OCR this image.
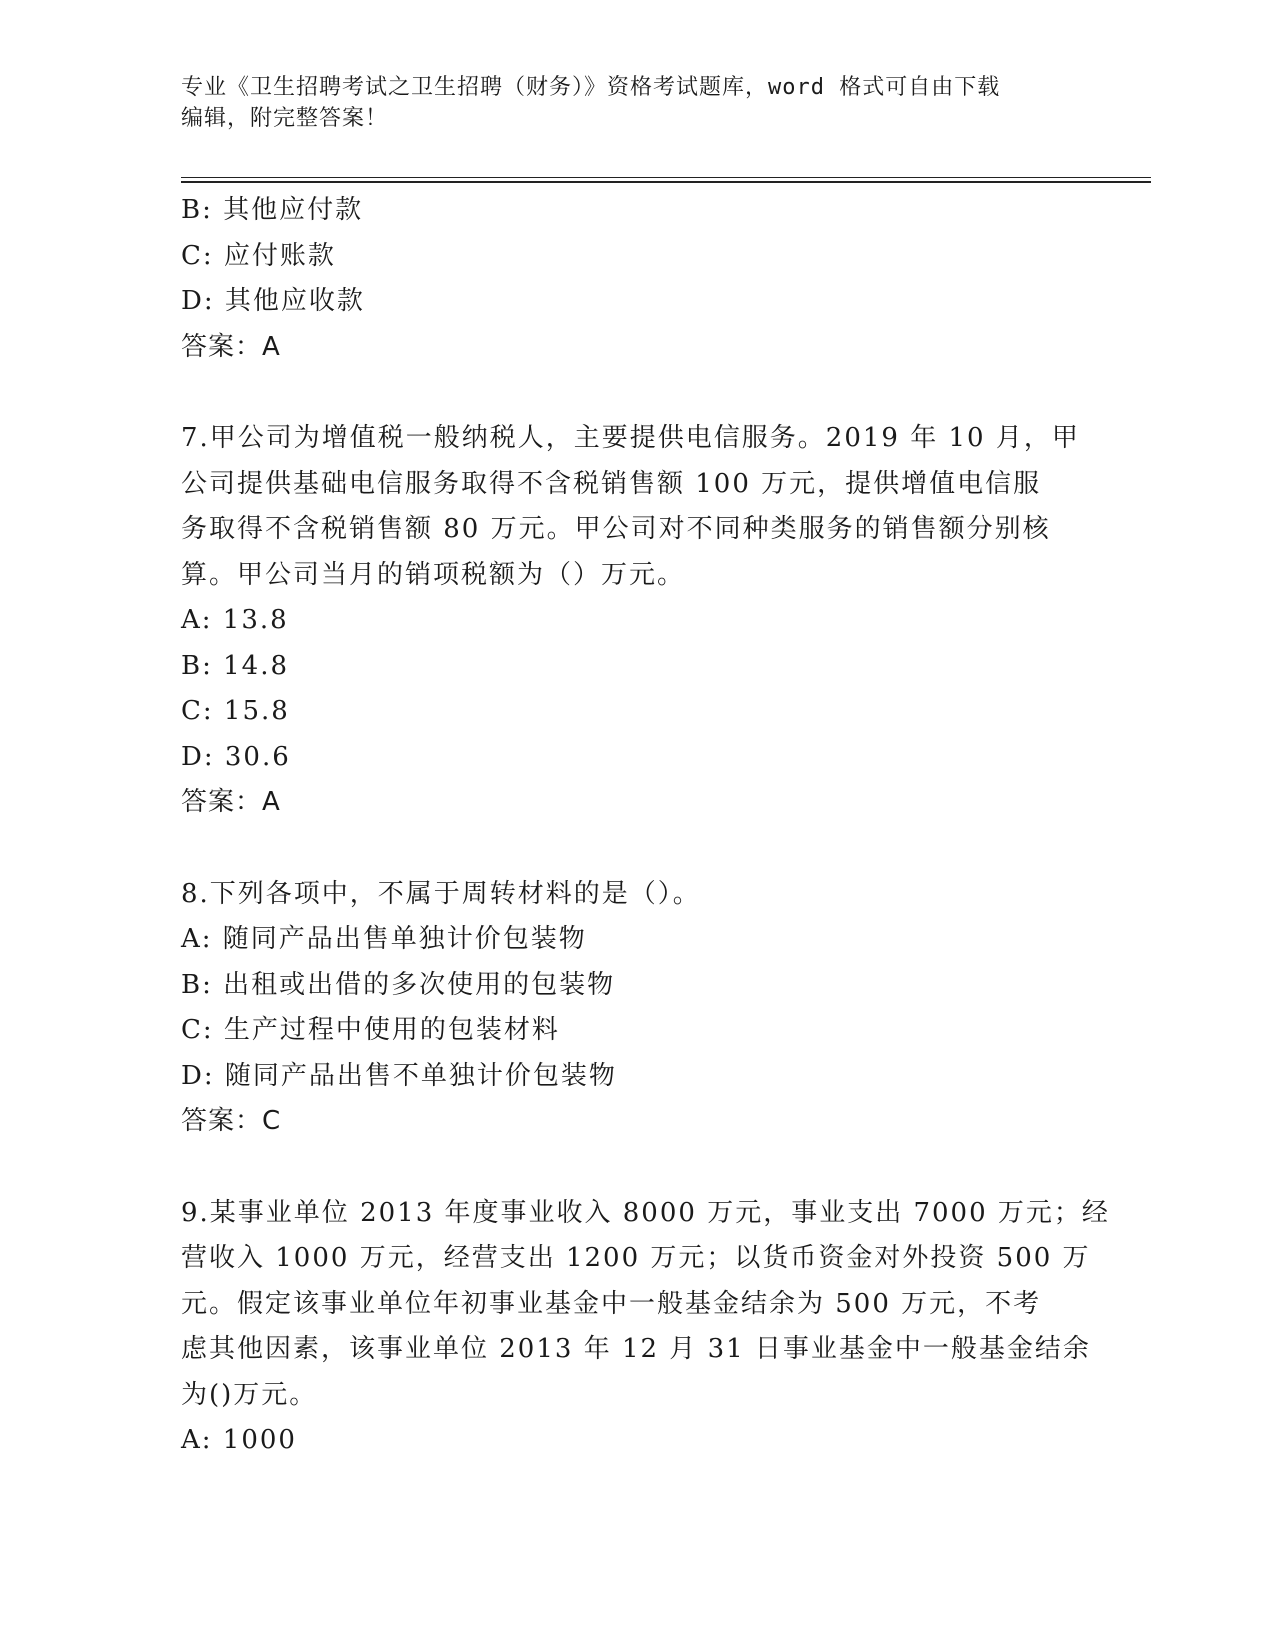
专业《卫生招聘考试之卫生招聘（财务）》资格考试题库，word 格式可自由下载
编辑，附完整答案！
B: 其他应付款
C: 应付账款
D: 其他应收款
答案：A
7.甲公司为增值税一般纳税人，主要提供电信服务。2019 年 10 月，甲
公司提供基础电信服务取得不含税销售额 100 万元，提供增值电信服
务取得不含税销售额 80 万元。甲公司对不同种类服务的销售额分别核
算。甲公司当月的销项税额为（）万元。
A: 13.8
B: 14.8
C: 15.8
D: 30.6
答案：A
8.下列各项中，不属于周转材料的是（）。
A: 随同产品出售单独计价包装物
B: 出租或出借的多次使用的包装物
C: 生产过程中使用的包装材料
D: 随同产品出售不单独计价包装物
答案：C
9.某事业单位 2013 年度事业收入 8000 万元，事业支出 7000 万元；经
营收入 1000 万元，经营支出 1200 万元；以货币资金对外投资 500 万
元。假定该事业单位年初事业基金中一般基金结余为 500 万元，不考
虑其他因素，该事业单位 2013 年 12 月 31 日事业基金中一般基金结余
为()万元。
A: 1000
